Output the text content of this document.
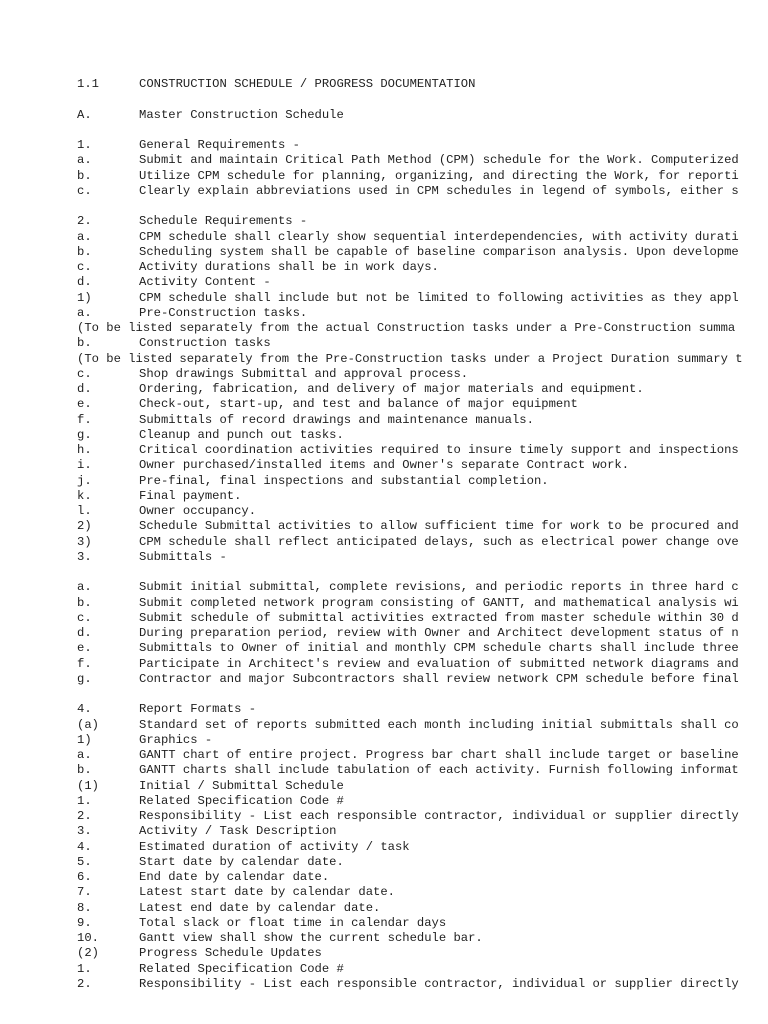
1.1	CONSTRUCTION SCHEDULE / PROGRESS DOCUMENTATION
A.	Master Construction Schedule
1.	General Requirements -
a.	Submit and maintain Critical Path Method (CPM) schedule for the Work. Computerized
b.	Utilize CPM schedule for planning, organizing, and directing the Work, for reporti
c.	Clearly explain abbreviations used in CPM schedules in legend of symbols, either s
2.	Schedule Requirements -
a.	CPM schedule shall clearly show sequential interdependencies, with activity durati
b.	Scheduling system shall be capable of baseline comparison analysis. Upon developme
c.	Activity durations shall be in work days.
d.	Activity Content -
1)	CPM schedule shall include but not be limited to following activities as they appl
a.	Pre-Construction tasks.
(To be listed separately from the actual Construction tasks under a Pre-Construction summa
b.	Construction tasks
(To be listed separately from the Pre-Construction tasks under a Project Duration summary t
c.	Shop drawings Submittal and approval process.
d.	Ordering, fabrication, and delivery of major materials and equipment.
e.	Check-out, start-up, and test and balance of major equipment
f.	Submittals of record drawings and maintenance manuals.
g.	Cleanup and punch out tasks.
h.	Critical coordination activities required to insure timely support and inspections
i.	Owner purchased/installed items and Owner's separate Contract work.
j.	Pre-final, final inspections and substantial completion.
k.	Final payment.
l.	Owner occupancy.
2)	Schedule Submittal activities to allow sufficient time for work to be procured and
3)	CPM schedule shall reflect anticipated delays, such as electrical power change ove
3.	Submittals -
a.	Submit initial submittal, complete revisions, and periodic reports in three hard c
b.	Submit completed network program consisting of GANTT, and mathematical analysis wi
c.	Submit schedule of submittal activities extracted from master schedule within 30 d
d.	During preparation period, review with Owner and Architect development status of n
e.	Submittals to Owner of initial and monthly CPM schedule charts shall include three
f.	Participate in Architect's review and evaluation of submitted network diagrams and
g.	Contractor and major Subcontractors shall review network CPM schedule before final
4.	Report Formats -
(a)	Standard set of reports submitted each month including initial submittals shall co
1)	Graphics -
a.	GANTT chart of entire project. Progress bar chart shall include target or baseline
b.	GANTT charts shall include tabulation of each activity. Furnish following informat
(1)	Initial / Submittal Schedule
1.	Related Specification Code #
2.	Responsibility - List each responsible contractor, individual or supplier directly
3.	Activity / Task Description
4.	Estimated duration of activity / task
5.	Start date by calendar date.
6.	End date by calendar date.
7.	Latest start date by calendar date.
8.	Latest end date by calendar date.
9.	Total slack or float time in calendar days
10.	Gantt view shall show the current schedule bar.
(2)	Progress Schedule Updates
1.	Related Specification Code #
2.	Responsibility - List each responsible contractor, individual or supplier directly
